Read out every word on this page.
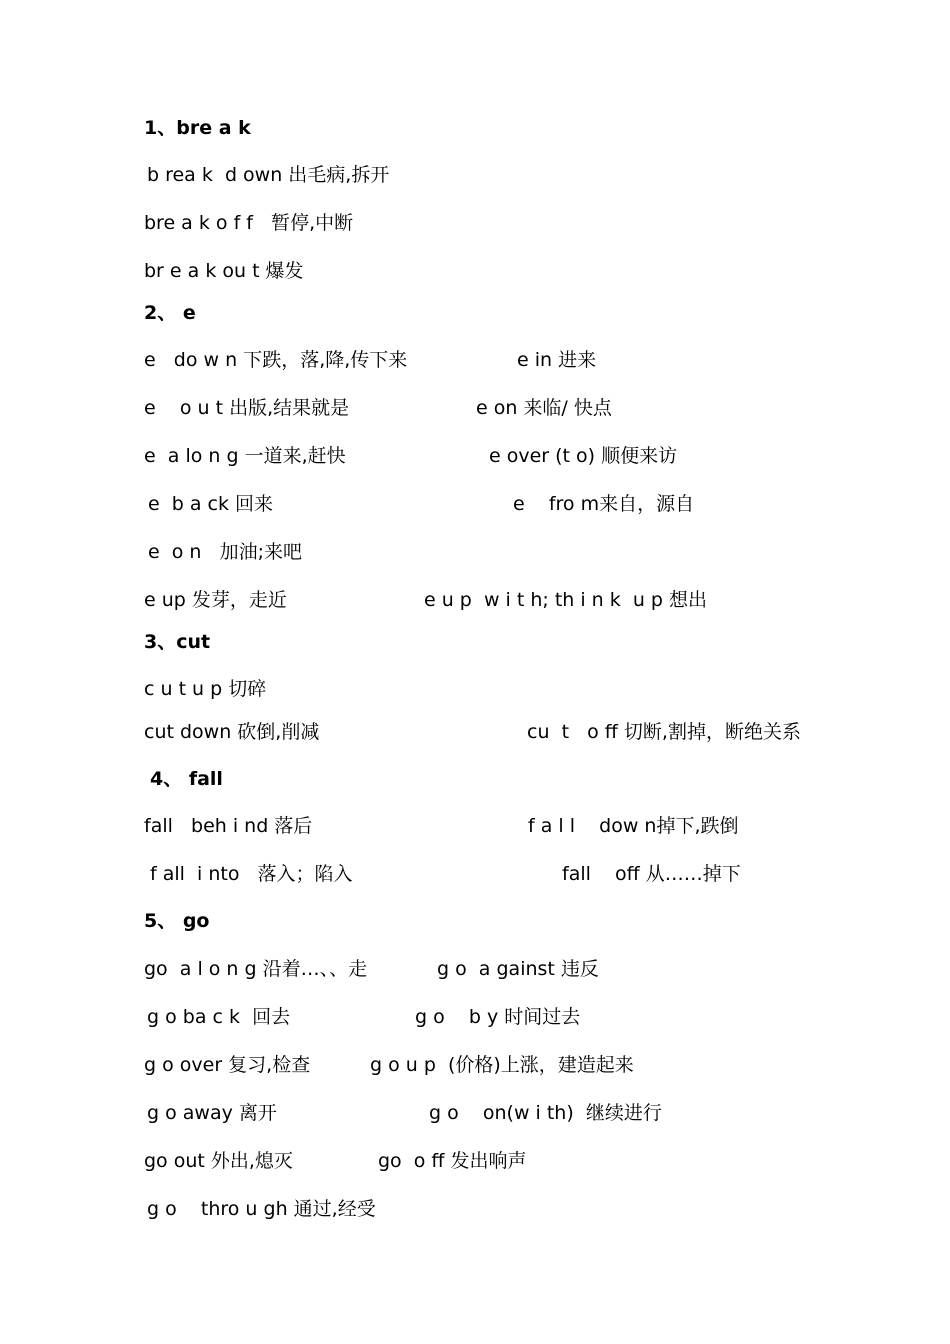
1、bre a k
b rea k  d own 出毛病,拆开
bre a k o f f   暂停,中断
br e a k ou t 爆发
2、 e
e   do w n 下跌，落,降,传下来	e in 进来
e    o u t 出版,结果就是	e on 来临/ 快点
e  a lo n g 一道来,赶快	e over (t o) 顺便来访
e  b a ck 回来	e    fro m来自，源自
e  o n   加油;来吧
e up 发芽，走近	e u p  w i t h; th i n k  u p 想出
3、cut
c u t u p 切碎
cut down 砍倒,削减	cu  t   o ff 切断,割掉，断绝关系
4、 fall
fall   beh i nd 落后	f a l l    dow n掉下,跌倒
f all  i nto   落入；陷入	fall    off 从……掉下
5、 go
go  a l o n g 沿着…、、走	g o  a gainst 违反
g o ba c k  回去	g o    b y 时间过去
g o over 复习,检查	g o u p  (价格)上涨，建造起来
g o away 离开	g o    on(w i th)  继续进行
go out 外出,熄灭	go  o ff 发出响声
g o    thro u gh 通过,经受
